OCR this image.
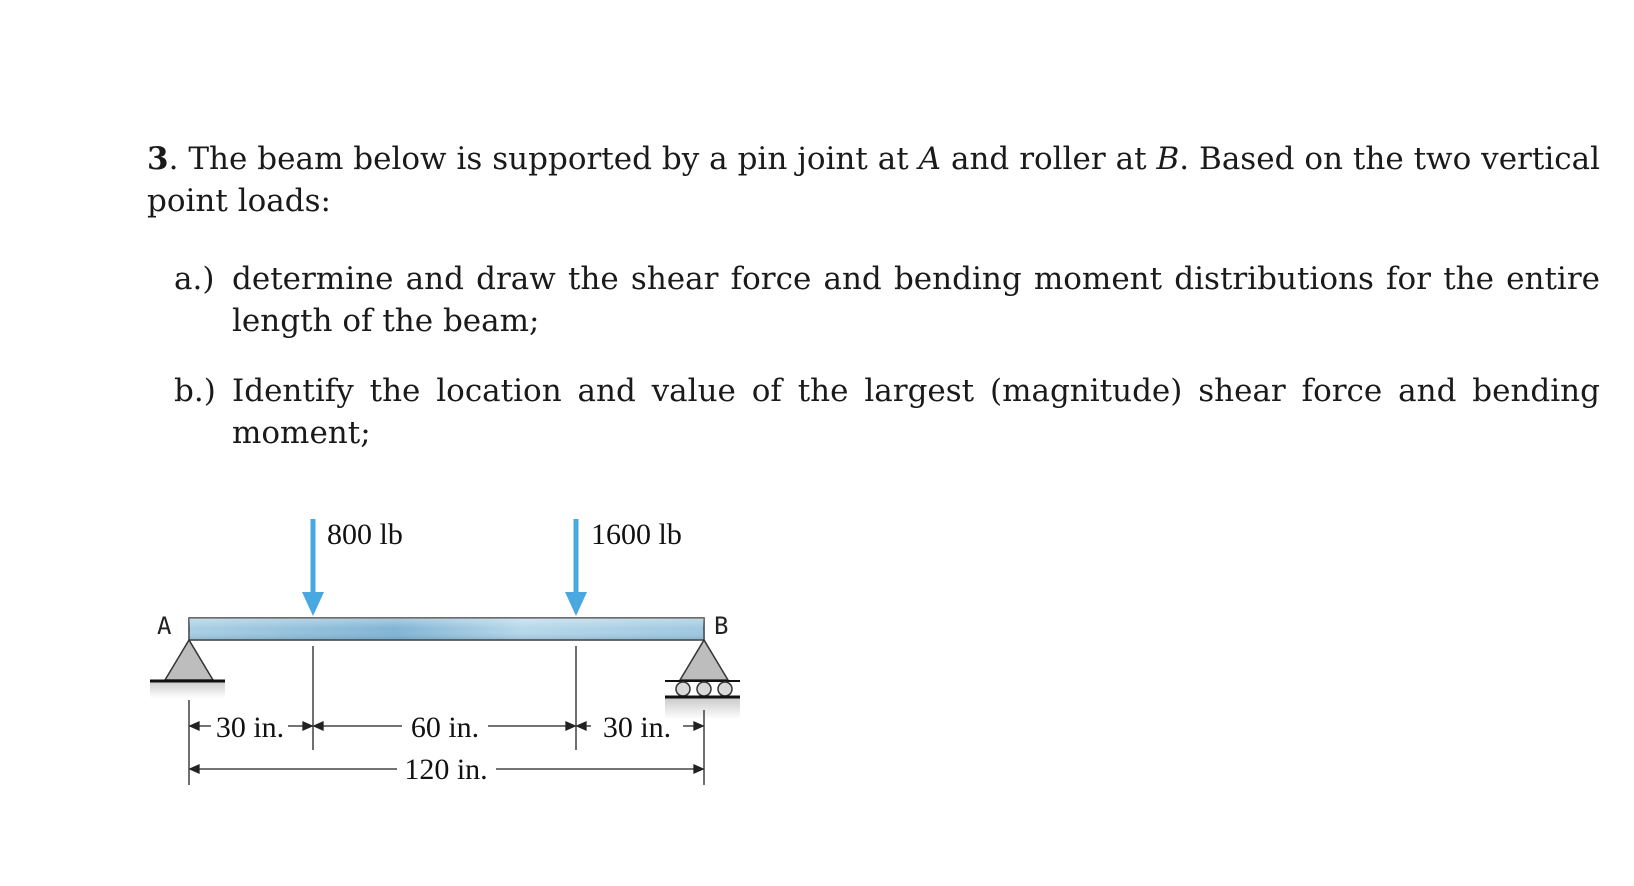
3. The beam below is supported by a pin joint at A and roller at B. Based on the two vertical point loads:
a.) determine and draw the shear force and bending moment distributions for the entire length of the beam;
b.) Identify the location and value of the largest (magnitude) shear force and bending moment;
A	B
800 lb	1600 lb
30 in.	60 in.	30 in.
120 in.
